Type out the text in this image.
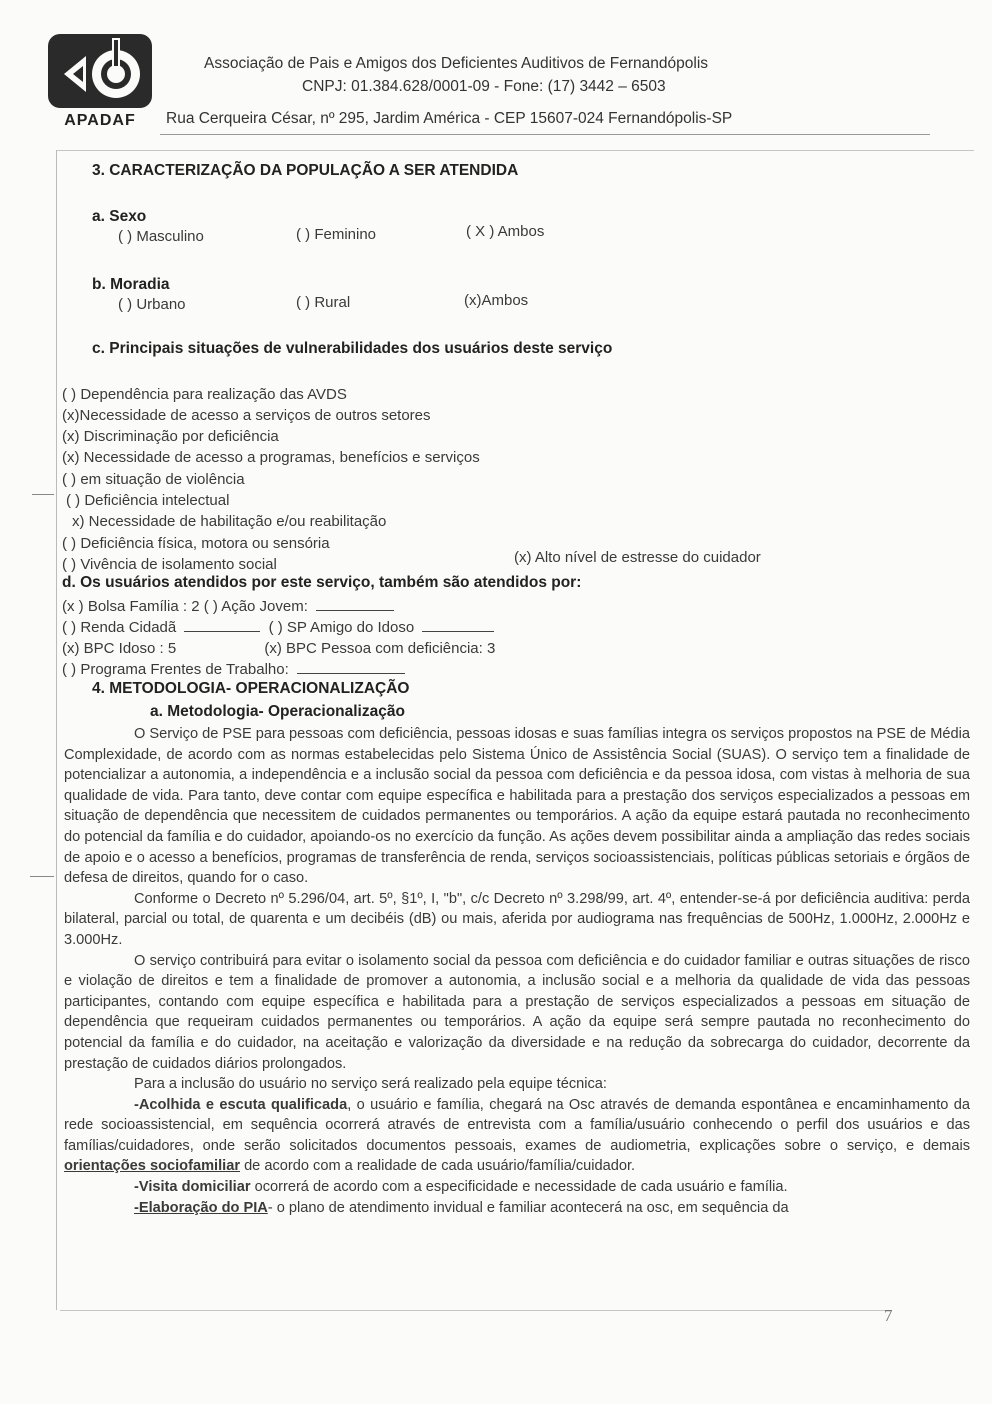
APADAF
Associação de Pais e Amigos dos Deficientes Auditivos de Fernandópolis
CNPJ: 01.384.628/0001-09 - Fone: (17) 3442 – 6503
Rua Cerqueira César, nº 295, Jardim América - CEP 15607-024 Fernandópolis-SP
3. CARACTERIZAÇÃO DA POPULAÇÃO A SER ATENDIDA
a. Sexo
( ) Masculino	( ) Feminino	( X ) Ambos
b. Moradia
( ) Urbano	( ) Rural	(x)Ambos
c. Principais situações de vulnerabilidades dos usuários deste serviço
( ) Dependência para realização das AVDS
(x)Necessidade de acesso a serviços de outros setores
(x) Discriminação por deficiência
(x) Necessidade de acesso a programas, benefícios e serviços
( ) em situação de violência
( ) Deficiência intelectual
x) Necessidade de habilitação e/ou reabilitação
( ) Deficiência física, motora ou sensória
( ) Vivência de isolamento social	(x) Alto nível de estresse do cuidador
d. Os usuários atendidos por este serviço, também são atendidos por:
(x ) Bolsa Família : 2 ( ) Ação Jovem:
( ) Renda Cidadã	( ) SP Amigo do Idoso
(x) BPC Idoso : 5	(x) BPC Pessoa com deficiência: 3
( ) Programa Frentes de Trabalho:
4. METODOLOGIA- OPERACIONALIZAÇÃO
a. Metodologia- Operacionalização

O Serviço de PSE para pessoas com deficiência, pessoas idosas e suas famílias integra os serviços propostos na PSE de Média Complexidade, de acordo com as normas estabelecidas pelo Sistema Único de Assistência Social (SUAS). O serviço tem a finalidade de potencializar a autonomia, a independência e a inclusão social da pessoa com deficiência e da pessoa idosa, com vistas à melhoria de sua qualidade de vida. Para tanto, deve contar com equipe específica e habilitada para a prestação dos serviços especializados a pessoas em situação de dependência que necessitem de cuidados permanentes ou temporários. A ação da equipe estará pautada no reconhecimento do potencial da família e do cuidador, apoiando-os no exercício da função. As ações devem possibilitar ainda a ampliação das redes sociais de apoio e o acesso a benefícios, programas de transferência de renda, serviços socioassistenciais, políticas públicas setoriais e órgãos de defesa de direitos, quando for o caso.

Conforme o Decreto nº 5.296/04, art. 5º, §1º, I, "b", c/c Decreto nº 3.298/99, art. 4º, entender-se-á por deficiência auditiva: perda bilateral, parcial ou total, de quarenta e um decibéis (dB) ou mais, aferida por audiograma nas frequências de 500Hz, 1.000Hz, 2.000Hz e 3.000Hz.

O serviço contribuirá para evitar o isolamento social da pessoa com deficiência e do cuidador familiar e outras situações de risco e violação de direitos e tem a finalidade de promover a autonomia, a inclusão social e a melhoria da qualidade de vida das pessoas participantes, contando com equipe específica e habilitada para a prestação de serviços especializados a pessoas em situação de dependência que requeiram cuidados permanentes ou temporários. A ação da equipe será sempre pautada no reconhecimento do potencial da família e do cuidador, na aceitação e valorização da diversidade e na redução da sobrecarga do cuidador, decorrente da prestação de cuidados diários prolongados.

Para a inclusão do usuário no serviço será realizado pela equipe técnica:

-Acolhida e escuta qualificada, o usuário e família, chegará na Osc através de demanda espontânea e encaminhamento da rede socioassistencial, em sequência ocorrerá através de entrevista com a família/usuário conhecendo o perfil dos usuários e das famílias/cuidadores, onde serão solicitados documentos pessoais, exames de audiometria, explicações sobre o serviço, e demais orientações sociofamiliar de acordo com a realidade de cada usuário/família/cuidador.

-Visita domiciliar ocorrerá de acordo com a especificidade e necessidade de cada usuário e família.

-Elaboração do PIA- o plano de atendimento invidual e familiar acontecerá na osc, em sequência da

7
